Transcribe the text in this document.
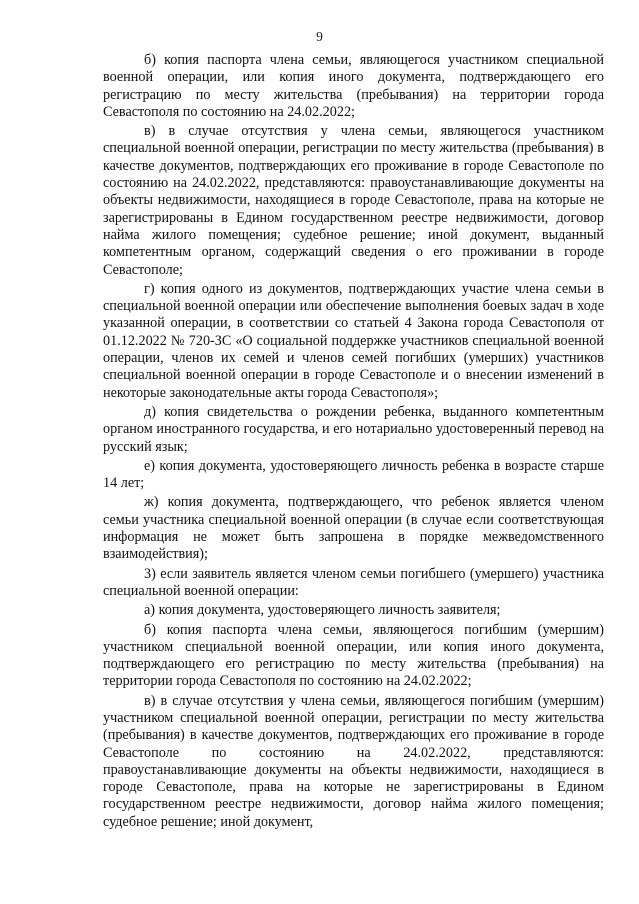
9

б) копия паспорта члена семьи, являющегося участником специальной военной операции, или копия иного документа, подтверждающего его регистрацию по месту жительства (пребывания) на территории города Севастополя по состоянию на 24.02.2022;

в) в случае отсутствия у члена семьи, являющегося участником специальной военной операции, регистрации по месту жительства (пребывания) в качестве документов, подтверждающих его проживание в городе Севастополе по состоянию на 24.02.2022, представляются: правоустанавливающие документы на объекты недвижимости, находящиеся в городе Севастополе, права на которые не зарегистрированы в Едином государственном реестре недвижимости, договор найма жилого помещения; судебное решение; иной документ, выданный компетентным органом, содержащий сведения о его проживании в городе Севастополе;

г) копия одного из документов, подтверждающих участие члена семьи в специальной военной операции или обеспечение выполнения боевых задач в ходе указанной операции, в соответствии со статьей 4 Закона города Севастополя от 01.12.2022 № 720-ЗС «О социальной поддержке участников специальной военной операции, членов их семей и членов семей погибших (умерших) участников специальной военной операции в городе Севастополе и о внесении изменений в некоторые законодательные акты города Севастополя»;

д) копия свидетельства о рождении ребенка, выданного компетентным органом иностранного государства, и его нотариально удостоверенный перевод на русский язык;

е) копия документа, удостоверяющего личность ребенка в возрасте старше 14 лет;

ж) копия документа, подтверждающего, что ребенок является членом семьи участника специальной военной операции (в случае если соответствующая информация не может быть запрошена в порядке межведомственного взаимодействия);

3) если заявитель является членом семьи погибшего (умершего) участника специальной военной операции:

а) копия документа, удостоверяющего личность заявителя;

б) копия паспорта члена семьи, являющегося погибшим (умершим) участником специальной военной операции, или копия иного документа, подтверждающего его регистрацию по месту жительства (пребывания) на территории города Севастополя по состоянию на 24.02.2022;

в) в случае отсутствия у члена семьи, являющегося погибшим (умершим) участником специальной военной операции, регистрации по месту жительства (пребывания) в качестве документов, подтверждающих его проживание в городе Севастополе по состоянию на 24.02.2022, представляются: правоустанавливающие документы на объекты недвижимости, находящиеся в городе Севастополе, права на которые не зарегистрированы в Едином государственном реестре недвижимости, договор найма жилого помещения; судебное решение; иной документ,
